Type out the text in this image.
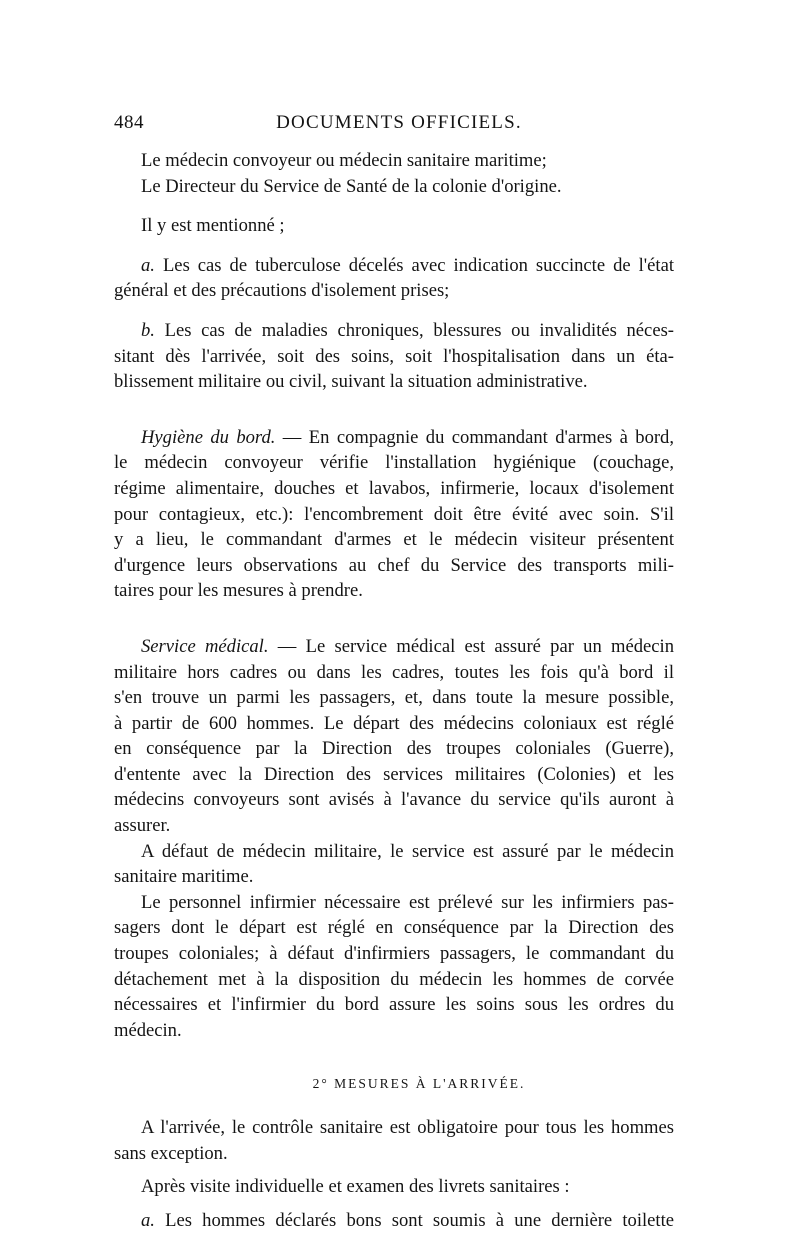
484	DOCUMENTS OFFICIELS.
Le médecin convoyeur ou médecin sanitaire maritime;
Le Directeur du Service de Santé de la colonie d'origine.
Il y est mentionné ;
a. Les cas de tuberculose décelés avec indication succincte de l'état
général et des précautions d'isolement prises;
b. Les cas de maladies chroniques, blessures ou invalidités néces-
sitant dès l'arrivée, soit des soins, soit l'hospitalisation dans un éta-
blissement militaire ou civil, suivant la situation administrative.
Hygiène du bord. — En compagnie du commandant d'armes à bord,
le médecin convoyeur vérifie l'installation hygiénique (couchage,
régime alimentaire, douches et lavabos, infirmerie, locaux d'isolement
pour contagieux, etc.): l'encombrement doit être évité avec soin. S'il
y a lieu, le commandant d'armes et le médecin visiteur présentent
d'urgence leurs observations au chef du Service des transports mili-
taires pour les mesures à prendre.
Service médical. — Le service médical est assuré par un médecin
militaire hors cadres ou dans les cadres, toutes les fois qu'à bord il
s'en trouve un parmi les passagers, et, dans toute la mesure possible,
à partir de 600 hommes. Le départ des médecins coloniaux est réglé
en conséquence par la Direction des troupes coloniales (Guerre),
d'entente avec la Direction des services militaires (Colonies) et les
médecins convoyeurs sont avisés à l'avance du service qu'ils auront à
assurer.
A défaut de médecin militaire, le service est assuré par le médecin
sanitaire maritime.
Le personnel infirmier nécessaire est prélevé sur les infirmiers pas-
sagers dont le départ est réglé en conséquence par la Direction des
troupes coloniales; à défaut d'infirmiers passagers, le commandant du
détachement met à la disposition du médecin les hommes de corvée
nécessaires et l'infirmier du bord assure les soins sous les ordres du
médecin.
2° MESURES À L'ARRIVÉE.
A l'arrivée, le contrôle sanitaire est obligatoire pour tous les hommes
sans exception.
Après visite individuelle et examen des livrets sanitaires :
a. Les hommes déclarés bons sont soumis à une dernière toilette
